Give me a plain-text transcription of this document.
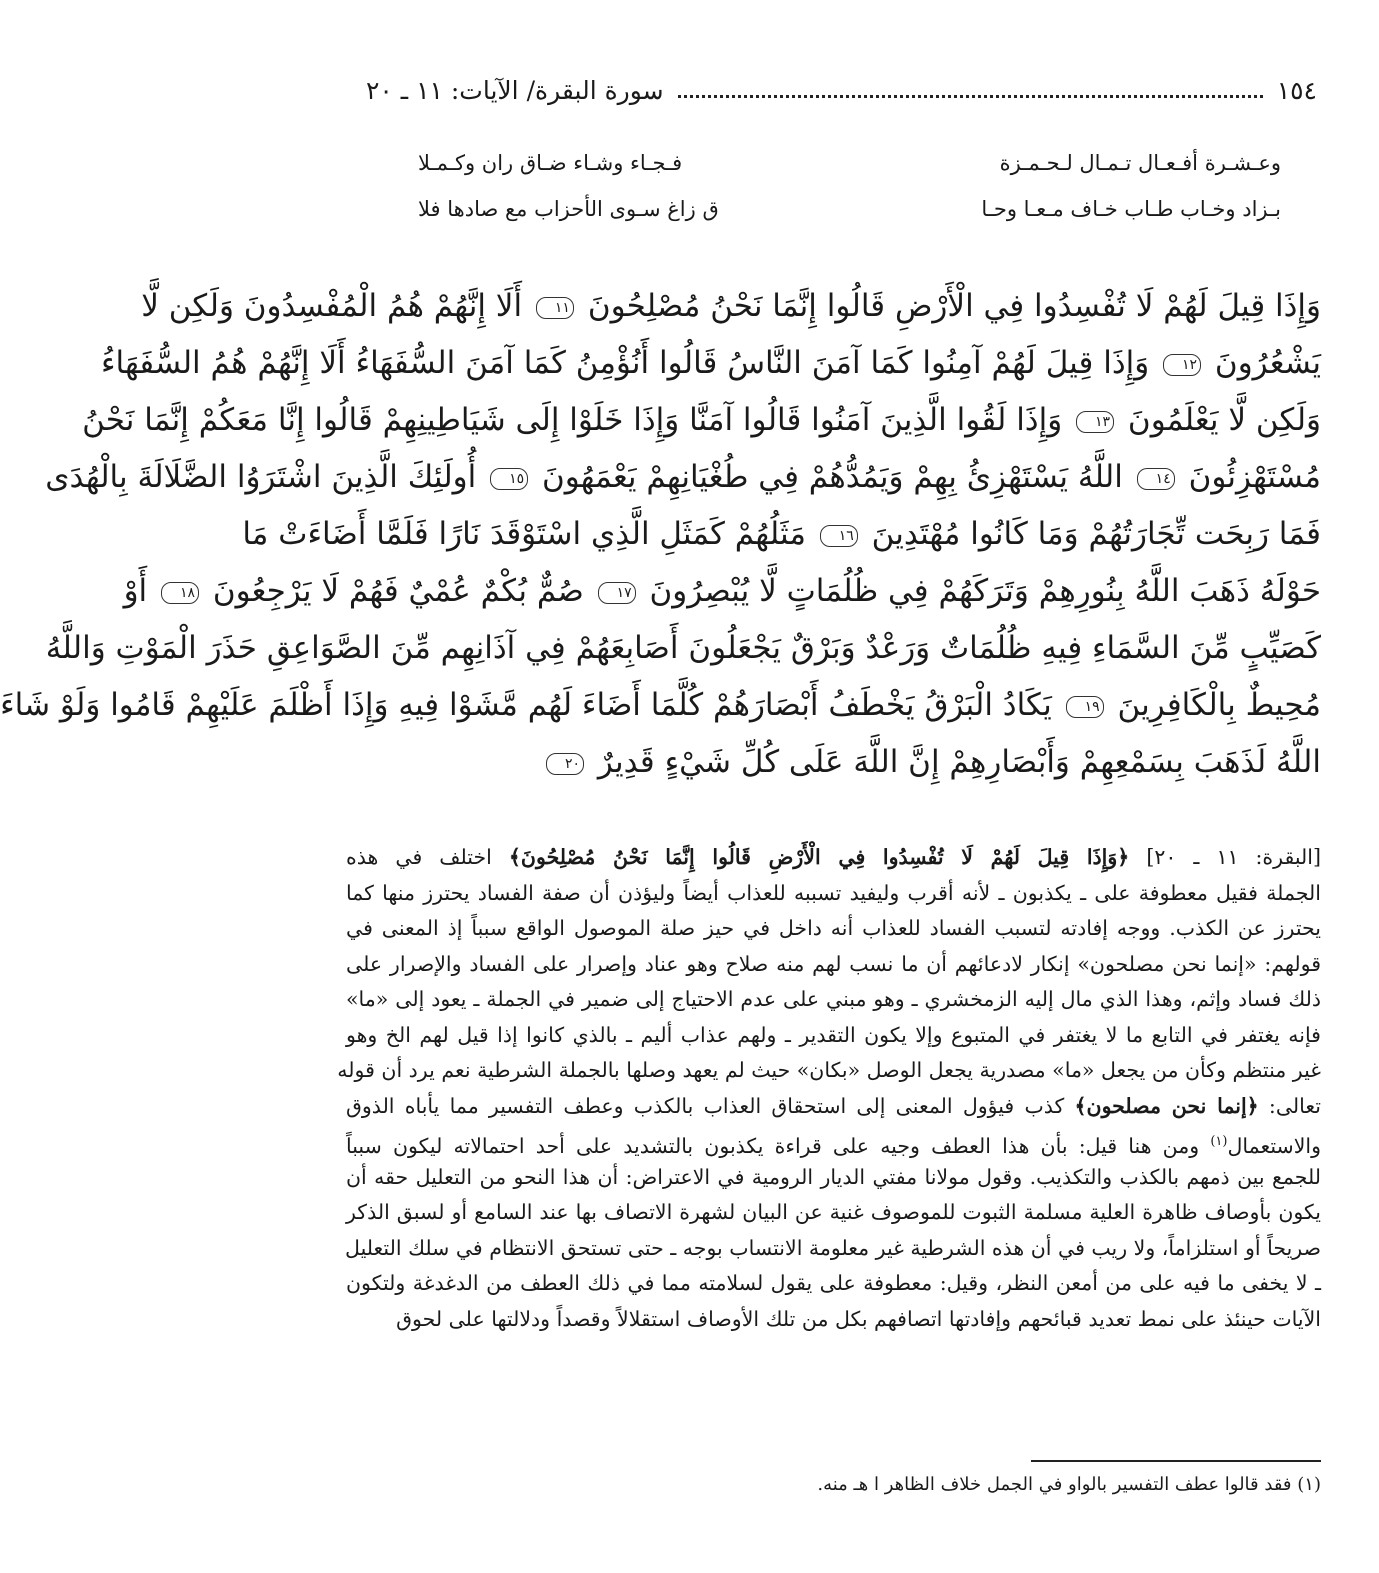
١٥٤
سورة البقرة/ الآيات: ١١ ـ ٢٠
وعـشـرة أفـعـال تـمـال لـحـمـزة
فـجـاء وشـاء ضـاق ران وكـمـلا
بـزاد وخـاب طـاب خـاف مـعـا وحـا
ق زاغ سـوى الأحزاب مع صادها فلا
وَإِذَا قِيلَ لَهُمْ لَا تُفْسِدُوا فِي الْأَرْضِ قَالُوا إِنَّمَا نَحْنُ مُصْلِحُونَ ١١ أَلَا إِنَّهُمْ هُمُ الْمُفْسِدُونَ وَلَكِن لَّا
يَشْعُرُونَ ١٢ وَإِذَا قِيلَ لَهُمْ آمِنُوا كَمَا آمَنَ النَّاسُ قَالُوا أَنُؤْمِنُ كَمَا آمَنَ السُّفَهَاءُ أَلَا إِنَّهُمْ هُمُ السُّفَهَاءُ
وَلَكِن لَّا يَعْلَمُونَ ١٣ وَإِذَا لَقُوا الَّذِينَ آمَنُوا قَالُوا آمَنَّا وَإِذَا خَلَوْا إِلَى شَيَاطِينِهِمْ قَالُوا إِنَّا مَعَكُمْ إِنَّمَا نَحْنُ
مُسْتَهْزِئُونَ ١٤ اللَّهُ يَسْتَهْزِئُ بِهِمْ وَيَمُدُّهُمْ فِي طُغْيَانِهِمْ يَعْمَهُونَ ١٥ أُولَئِكَ الَّذِينَ اشْتَرَوُا الضَّلَالَةَ بِالْهُدَى
فَمَا رَبِحَت تِّجَارَتُهُمْ وَمَا كَانُوا مُهْتَدِينَ ١٦ مَثَلُهُمْ كَمَثَلِ الَّذِي اسْتَوْقَدَ نَارًا فَلَمَّا أَضَاءَتْ مَا
حَوْلَهُ ذَهَبَ اللَّهُ بِنُورِهِمْ وَتَرَكَهُمْ فِي ظُلُمَاتٍ لَّا يُبْصِرُونَ ١٧ صُمٌّ بُكْمٌ عُمْيٌ فَهُمْ لَا يَرْجِعُونَ ١٨ أَوْ
كَصَيِّبٍ مِّنَ السَّمَاءِ فِيهِ ظُلُمَاتٌ وَرَعْدٌ وَبَرْقٌ يَجْعَلُونَ أَصَابِعَهُمْ فِي آذَانِهِم مِّنَ الصَّوَاعِقِ حَذَرَ الْمَوْتِ وَاللَّهُ
مُحِيطٌ بِالْكَافِرِينَ ١٩ يَكَادُ الْبَرْقُ يَخْطَفُ أَبْصَارَهُمْ كُلَّمَا أَضَاءَ لَهُم مَّشَوْا فِيهِ وَإِذَا أَظْلَمَ عَلَيْهِمْ قَامُوا وَلَوْ شَاءَ
اللَّهُ لَذَهَبَ بِسَمْعِهِمْ وَأَبْصَارِهِمْ إِنَّ اللَّهَ عَلَى كُلِّ شَيْءٍ قَدِيرٌ ٢٠
[البقرة: ١١ ـ ٢٠] ﴿وَإِذَا قِيلَ لَهُمْ لَا تُفْسِدُوا فِي الْأَرْضِ قَالُوا إِنَّمَا نَحْنُ مُصْلِحُونَ﴾ اختلف في هذه
الجملة فقيل معطوفة على ـ يكذبون ـ لأنه أقرب وليفيد تسببه للعذاب أيضاً وليؤذن أن صفة الفساد يحترز منها كما
يحترز عن الكذب. ووجه إفادته لتسبب الفساد للعذاب أنه داخل في حيز صلة الموصول الواقع سبباً إذ المعنى في
قولهم: «إنما نحن مصلحون» إنكار لادعائهم أن ما نسب لهم منه صلاح وهو عناد وإصرار على الفساد والإصرار على
ذلك فساد وإثم، وهذا الذي مال إليه الزمخشري ـ وهو مبني على عدم الاحتياج إلى ضمير في الجملة ـ يعود إلى «ما»
فإنه يغتفر في التابع ما لا يغتفر في المتبوع وإلا يكون التقدير ـ ولهم عذاب أليم ـ بالذي كانوا إذا قيل لهم الخ وهو
غير منتظم وكأن من يجعل «ما» مصدرية يجعل الوصل «بكان» حيث لم يعهد وصلها بالجملة الشرطية نعم يرد أن قوله
تعالى: ﴿إنما نحن مصلحون﴾ كذب فيؤول المعنى إلى استحقاق العذاب بالكذب وعطف التفسير مما يأباه الذوق
والاستعمال$^{(١)}$ ومن هنا قيل: بأن هذا العطف وجيه على قراءة يكذبون بالتشديد على أحد احتمالاته ليكون سبباً
للجمع بين ذمهم بالكذب والتكذيب. وقول مولانا مفتي الديار الرومية في الاعتراض: أن هذا النحو من التعليل حقه أن
يكون بأوصاف ظاهرة العلية مسلمة الثبوت للموصوف غنية عن البيان لشهرة الاتصاف بها عند السامع أو لسبق الذكر
صريحاً أو استلزاماً، ولا ريب في أن هذه الشرطية غير معلومة الانتساب بوجه ـ حتى تستحق الانتظام في سلك التعليل
ـ لا يخفى ما فيه على من أمعن النظر، وقيل: معطوفة على يقول لسلامته مما في ذلك العطف من الدغدغة ولتكون
الآيات حينئذ على نمط تعديد قبائحهم وإفادتها اتصافهم بكل من تلك الأوصاف استقلالاً وقصداً ودلالتها على لحوق
(١) فقد قالوا عطف التفسير بالواو في الجمل خلاف الظاهر ا هـ منه.
